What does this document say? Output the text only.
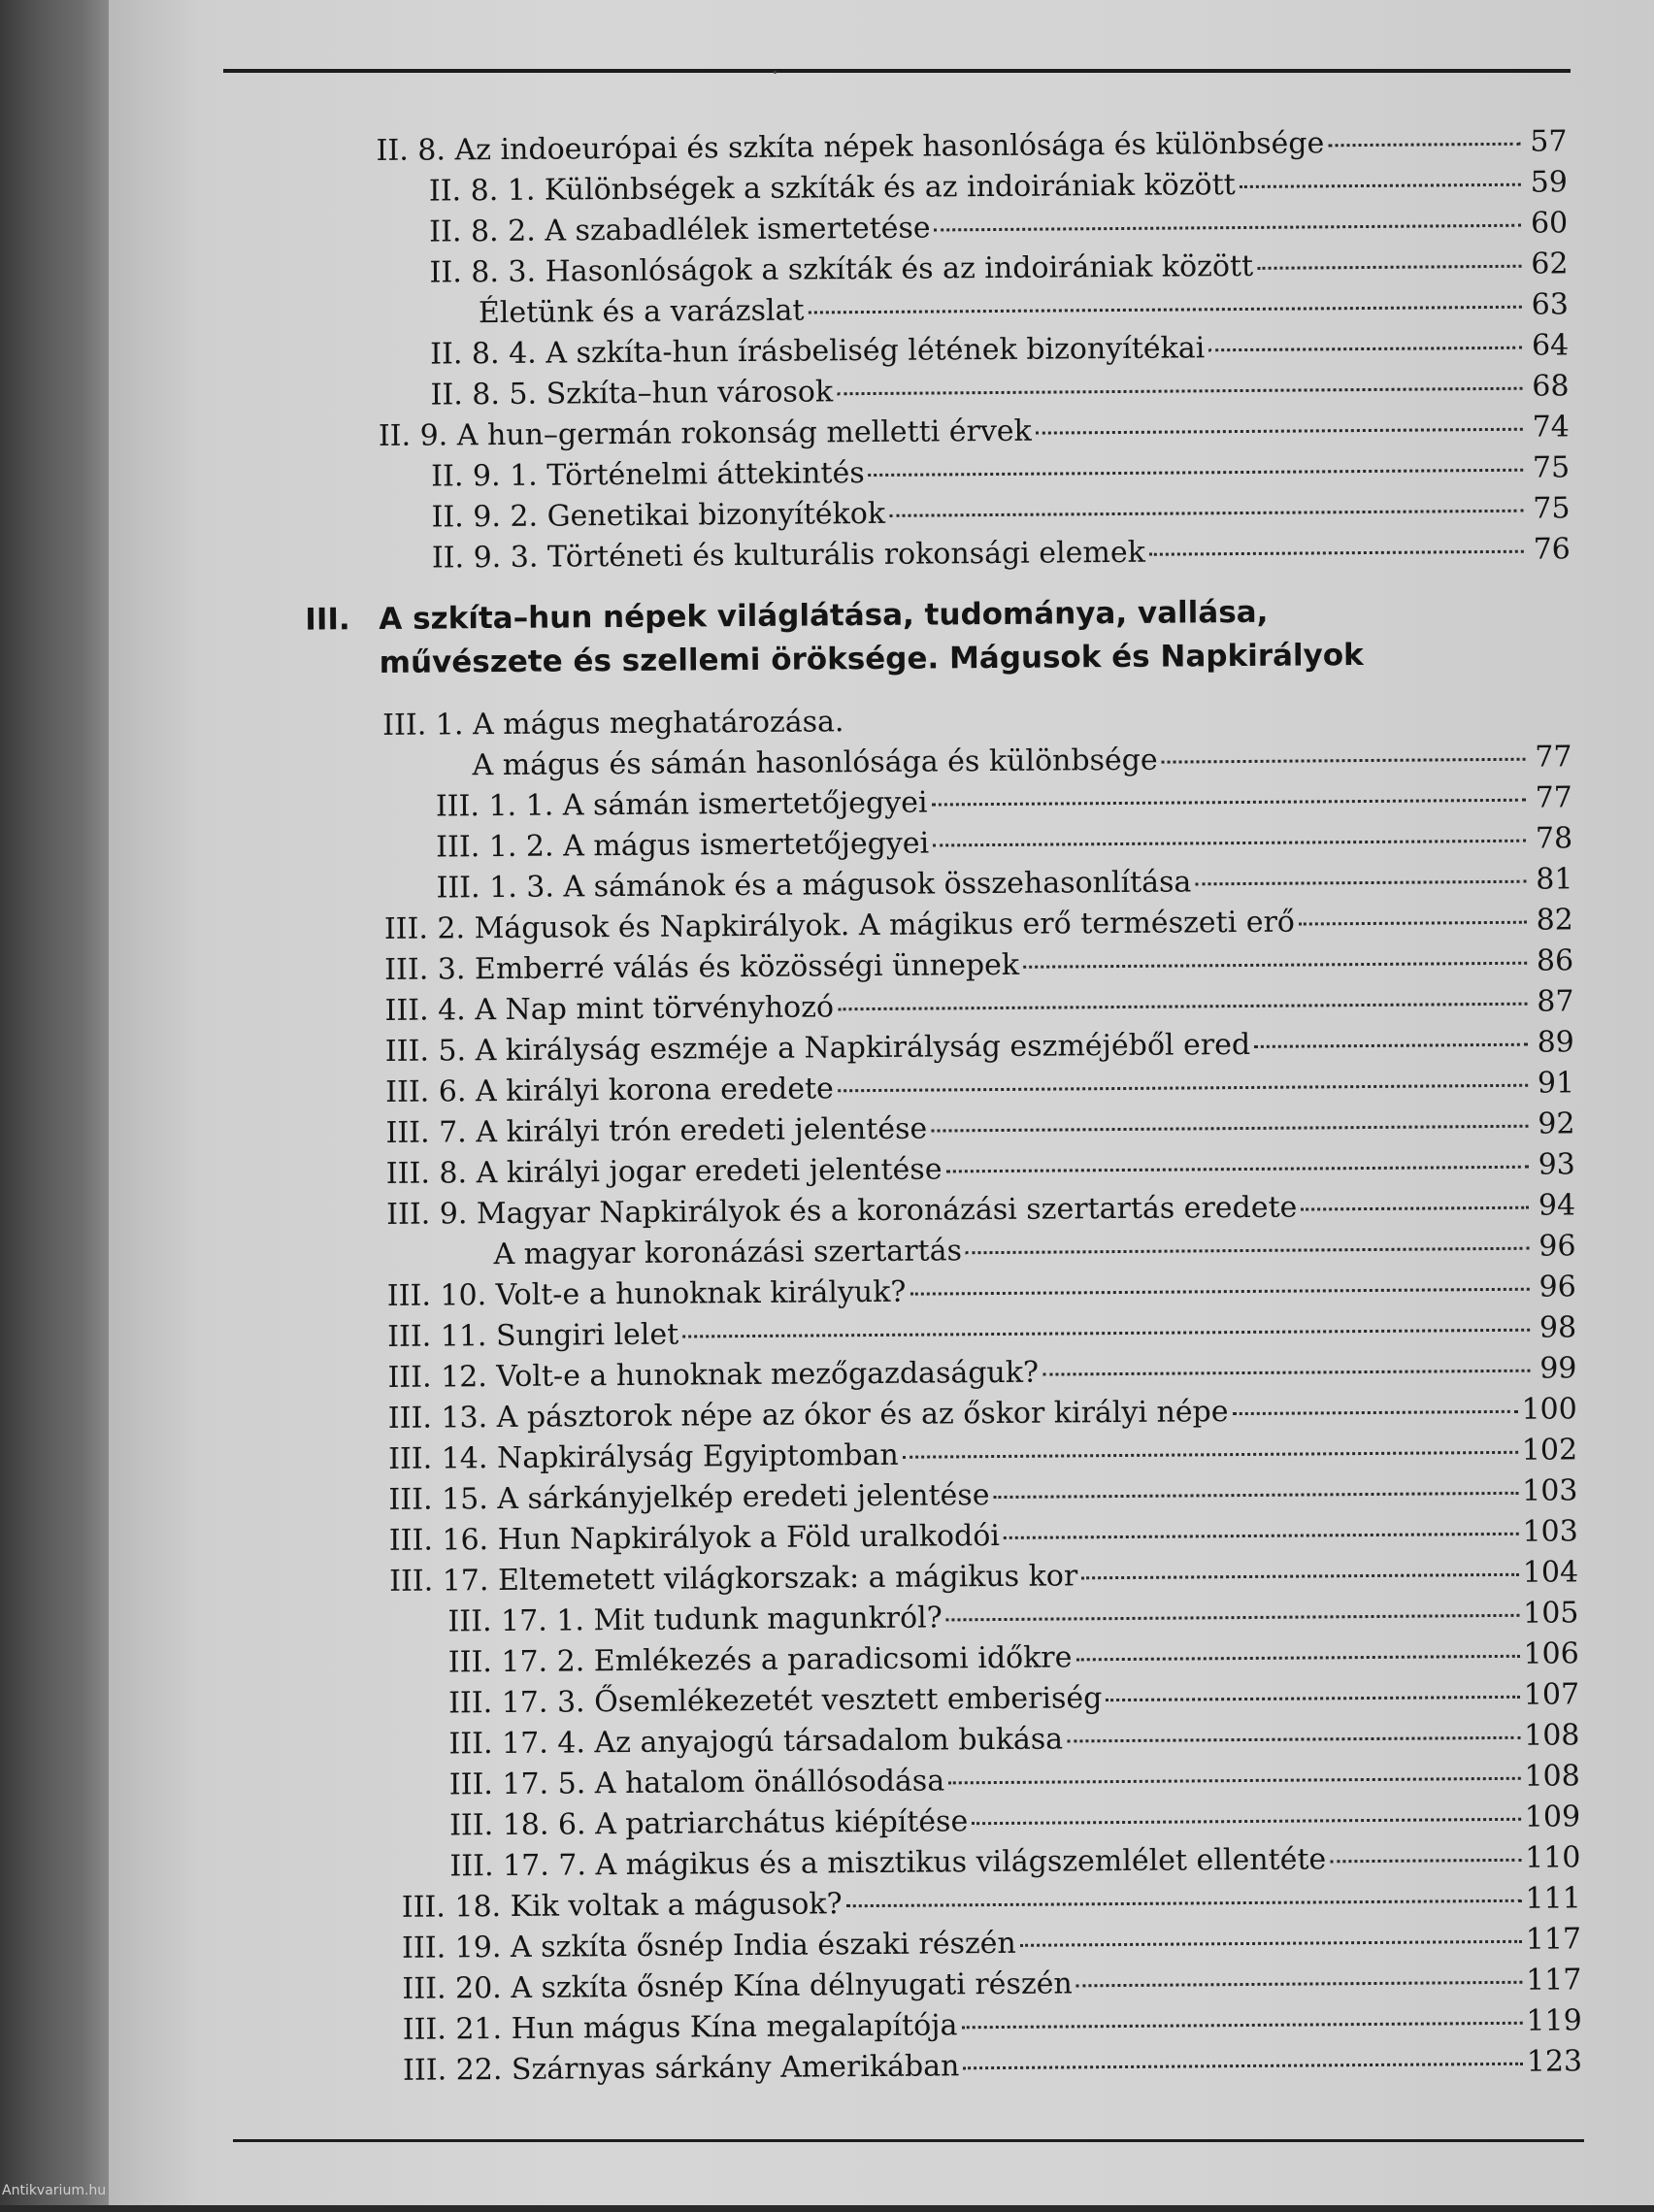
II. 8. Az indoeurópai és szkíta népek hasonlósága és különbsége	57
II. 8. 1. Különbségek a szkíták és az indoirániak között	59
II. 8. 2. A szabadlélek ismertetése	60
II. 8. 3. Hasonlóságok a szkíták és az indoirániak között	62
Életünk és a varázslat	63
II. 8. 4. A szkíta-hun írásbeliség létének bizonyítékai	64
II. 8. 5. Szkíta–hun városok	68
II. 9. A hun–germán rokonság melletti érvek	74
II. 9. 1. Történelmi áttekintés	75
II. 9. 2. Genetikai bizonyítékok	75
II. 9. 3. Történeti és kulturális rokonsági elemek	76
III. A szkíta–hun népek világlátása, tudománya, vallása,
művészete és szellemi öröksége. Mágusok és Napkirályok
III. 1. A mágus meghatározása.
A mágus és sámán hasonlósága és különbsége	77
III. 1. 1. A sámán ismertetőjegyei	77
III. 1. 2. A mágus ismertetőjegyei	78
III. 1. 3. A sámánok és a mágusok összehasonlítása	81
III. 2. Mágusok és Napkirályok. A mágikus erő természeti erő	82
III. 3. Emberré válás és közösségi ünnepek	86
III. 4. A Nap mint törvényhozó	87
III. 5. A királyság eszméje a Napkirályság eszméjéből ered	89
III. 6. A királyi korona eredete	91
III. 7. A királyi trón eredeti jelentése	92
III. 8. A királyi jogar eredeti jelentése	93
III. 9. Magyar Napkirályok és a koronázási szertartás eredete	94
A magyar koronázási szertartás	96
III. 10. Volt-e a hunoknak királyuk?	96
III. 11. Sungiri lelet	98
III. 12. Volt-e a hunoknak mezőgazdaságuk?	99
III. 13. A pásztorok népe az ókor és az őskor királyi népe	100
III. 14. Napkirályság Egyiptomban	102
III. 15. A sárkányjelkép eredeti jelentése	103
III. 16. Hun Napkirályok a Föld uralkodói	103
III. 17. Eltemetett világkorszak: a mágikus kor	104
III. 17. 1. Mit tudunk magunkról?	105
III. 17. 2. Emlékezés a paradicsomi időkre	106
III. 17. 3. Ősemlékezetét vesztett emberiség	107
III. 17. 4. Az anyajogú társadalom bukása	108
III. 17. 5. A hatalom önállósodása	108
III. 18. 6. A patriarchátus kiépítése	109
III. 17. 7. A mágikus és a misztikus világszemlélet ellentéte	110
III. 18. Kik voltak a mágusok?	111
III. 19. A szkíta ősnép India északi részén	117
III. 20. A szkíta ősnép Kína délnyugati részén	117
III. 21. Hun mágus Kína megalapítója	119
III. 22. Szárnyas sárkány Amerikában	123
Antikvarium.hu
